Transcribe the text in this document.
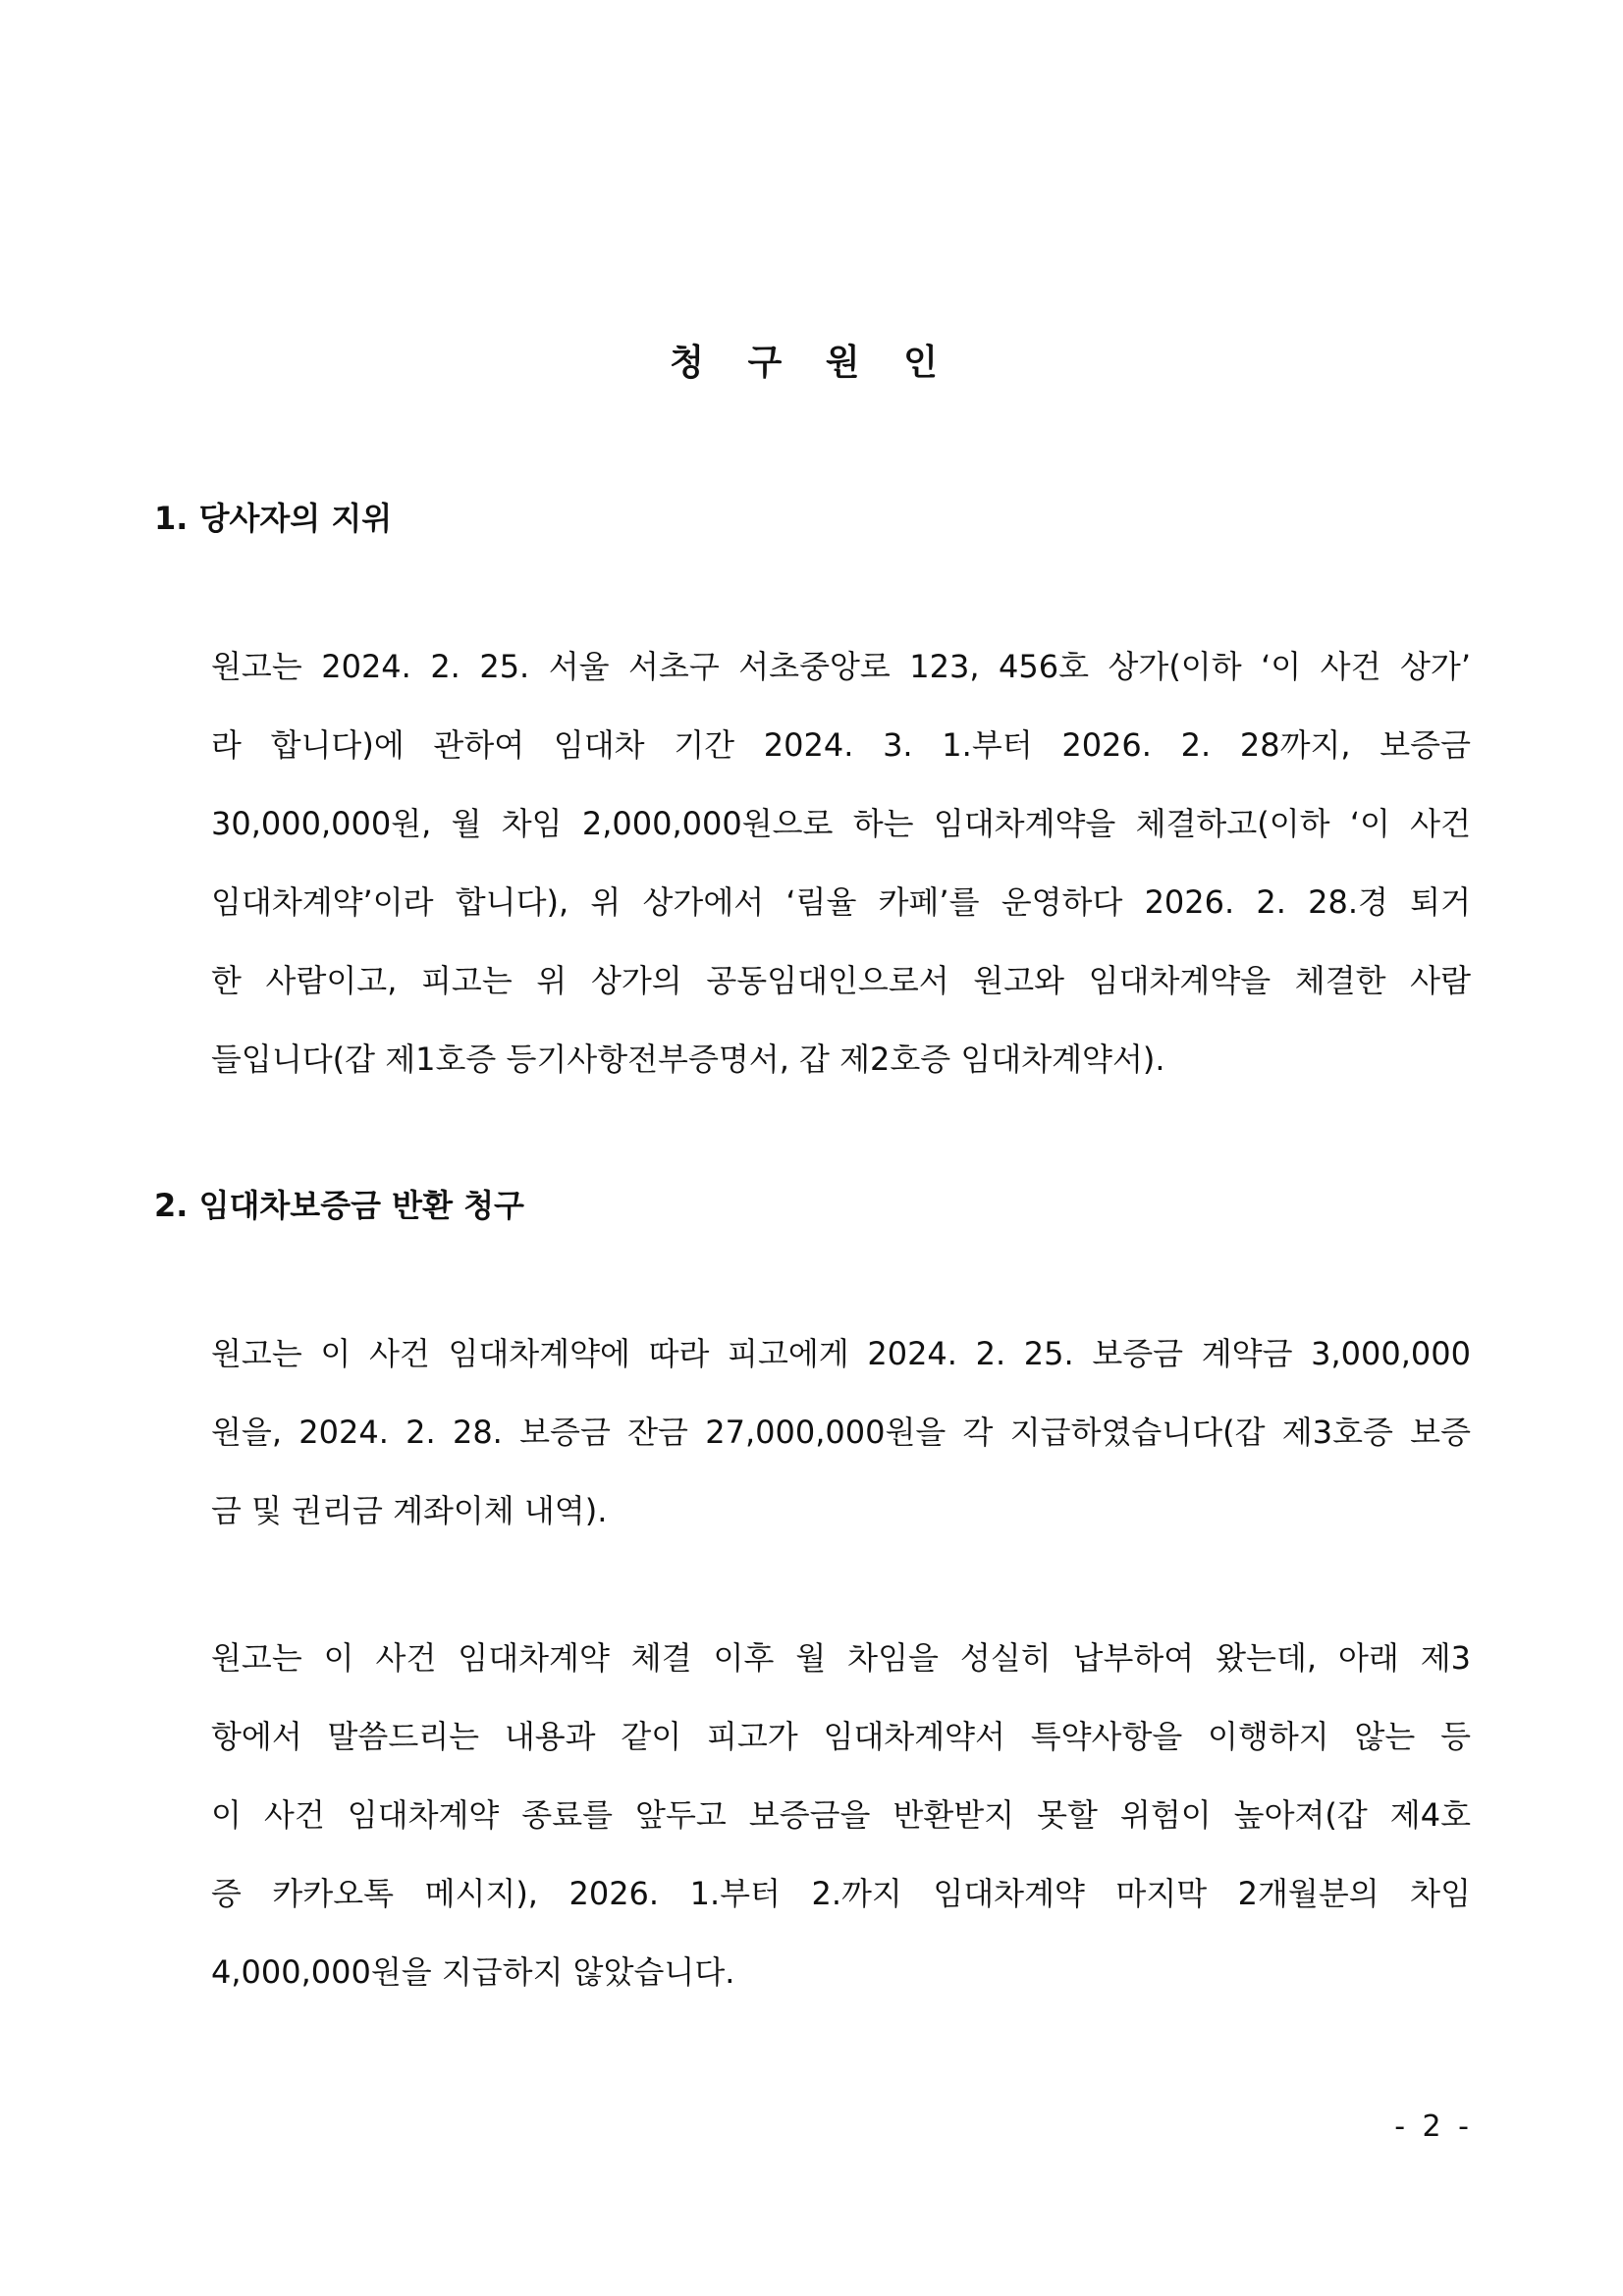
청 구 원 인
1. 당사자의 지위
원고는 2024. 2. 25. 서울 서초구 서초중앙로 123, 456호 상가(이하 ‘이 사건 상가’
라 합니다)에 관하여 임대차 기간 2024. 3. 1.부터 2026. 2. 28까지, 보증금
30,000,000원, 월 차임 2,000,000원으로 하는 임대차계약을 체결하고(이하 ‘이 사건
임대차계약’이라 합니다), 위 상가에서 ‘림율 카페’를 운영하다 2026. 2. 28.경 퇴거
한 사람이고, 피고는 위 상가의 공동임대인으로서 원고와 임대차계약을 체결한 사람
들입니다(갑 제1호증 등기사항전부증명서, 갑 제2호증 임대차계약서).
2. 임대차보증금 반환 청구
원고는 이 사건 임대차계약에 따라 피고에게 2024. 2. 25. 보증금 계약금 3,000,000
원을, 2024. 2. 28. 보증금 잔금 27,000,000원을 각 지급하였습니다(갑 제3호증 보증
금 및 권리금 계좌이체 내역).
원고는 이 사건 임대차계약 체결 이후 월 차임을 성실히 납부하여 왔는데, 아래 제3
항에서 말씀드리는 내용과 같이 피고가 임대차계약서 특약사항을 이행하지 않는 등
이 사건 임대차계약 종료를 앞두고 보증금을 반환받지 못할 위험이 높아져(갑 제4호
증 카카오톡 메시지), 2026. 1.부터 2.까지 임대차계약 마지막 2개월분의 차임
4,000,000원을 지급하지 않았습니다.
- 2 -
